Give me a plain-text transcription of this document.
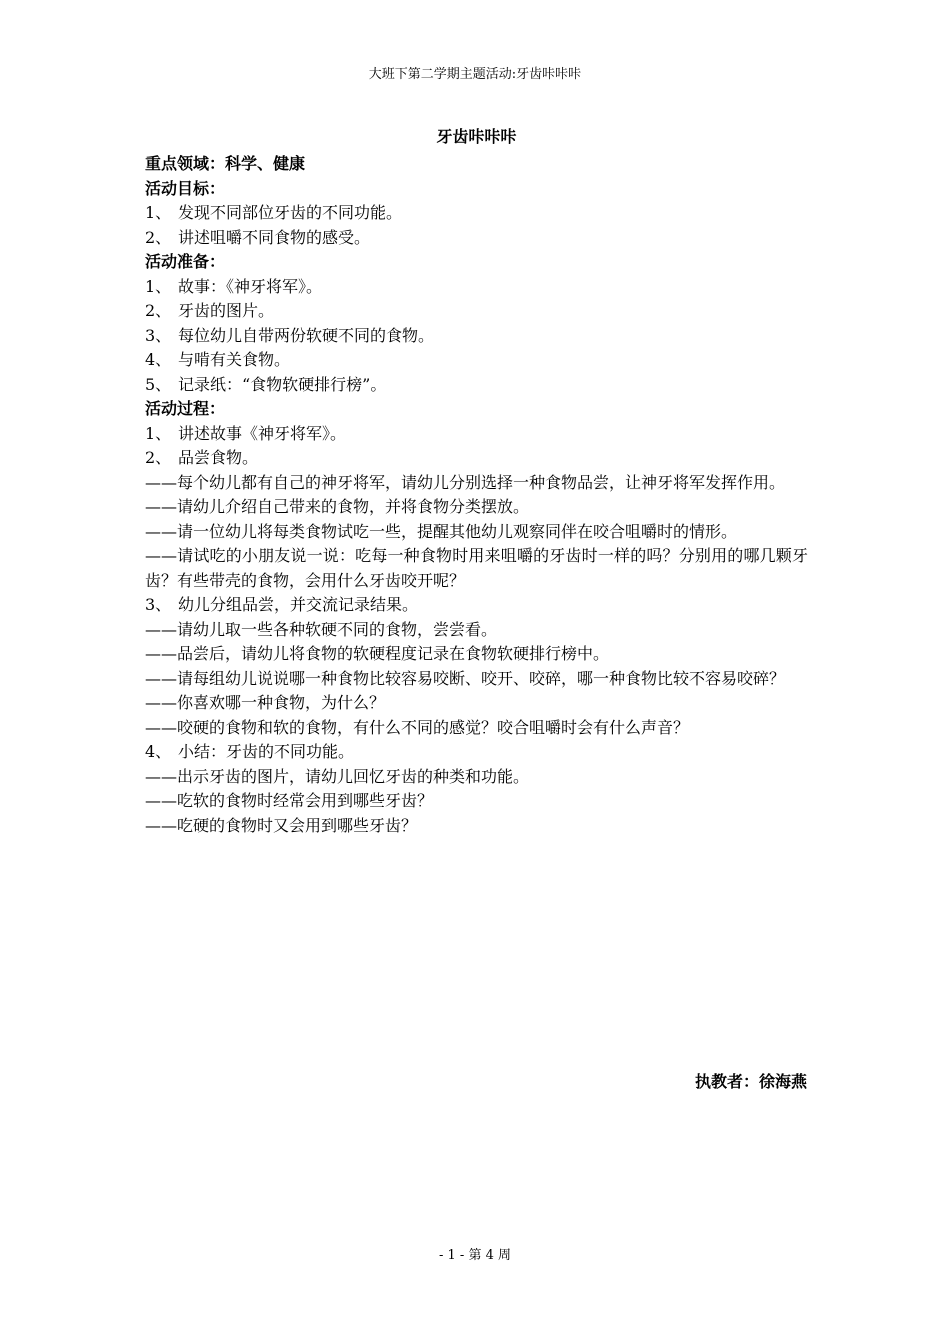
大班下第二学期主题活动:牙齿咔咔咔

牙齿咔咔咔

重点领域：科学、健康

活动目标：

1、 发现不同部位牙齿的不同功能。
2、 讲述咀嚼不同食物的感受。

活动准备：

1、 故事：《神牙将军》。
2、 牙齿的图片。
3、 每位幼儿自带两份软硬不同的食物。
4、 与啃有关食物。
5、 记录纸：“食物软硬排行榜”。

活动过程：

1、 讲述故事《神牙将军》。
2、 品尝食物。

——每个幼儿都有自己的神牙将军，请幼儿分别选择一种食物品尝，让神牙将军发挥作用。

——请幼儿介绍自己带来的食物，并将食物分类摆放。

——请一位幼儿将每类食物试吃一些，提醒其他幼儿观察同伴在咬合咀嚼时的情形。

——请试吃的小朋友说一说：吃每一种食物时用来咀嚼的牙齿时一样的吗？分别用的哪几颗牙齿？有些带壳的食物，会用什么牙齿咬开呢？

3、 幼儿分组品尝，并交流记录结果。

——请幼儿取一些各种软硬不同的食物，尝尝看。

——品尝后，请幼儿将食物的软硬程度记录在食物软硬排行榜中。

——请每组幼儿说说哪一种食物比较容易咬断、咬开、咬碎，哪一种食物比较不容易咬碎？

——你喜欢哪一种食物，为什么？

——咬硬的食物和软的食物，有什么不同的感觉？咬合咀嚼时会有什么声音？

4、 小结：牙齿的不同功能。

——出示牙齿的图片，请幼儿回忆牙齿的种类和功能。

——吃软的食物时经常会用到哪些牙齿？

——吃硬的食物时又会用到哪些牙齿？

执教者：徐海燕
- 1 - 第 4 周
